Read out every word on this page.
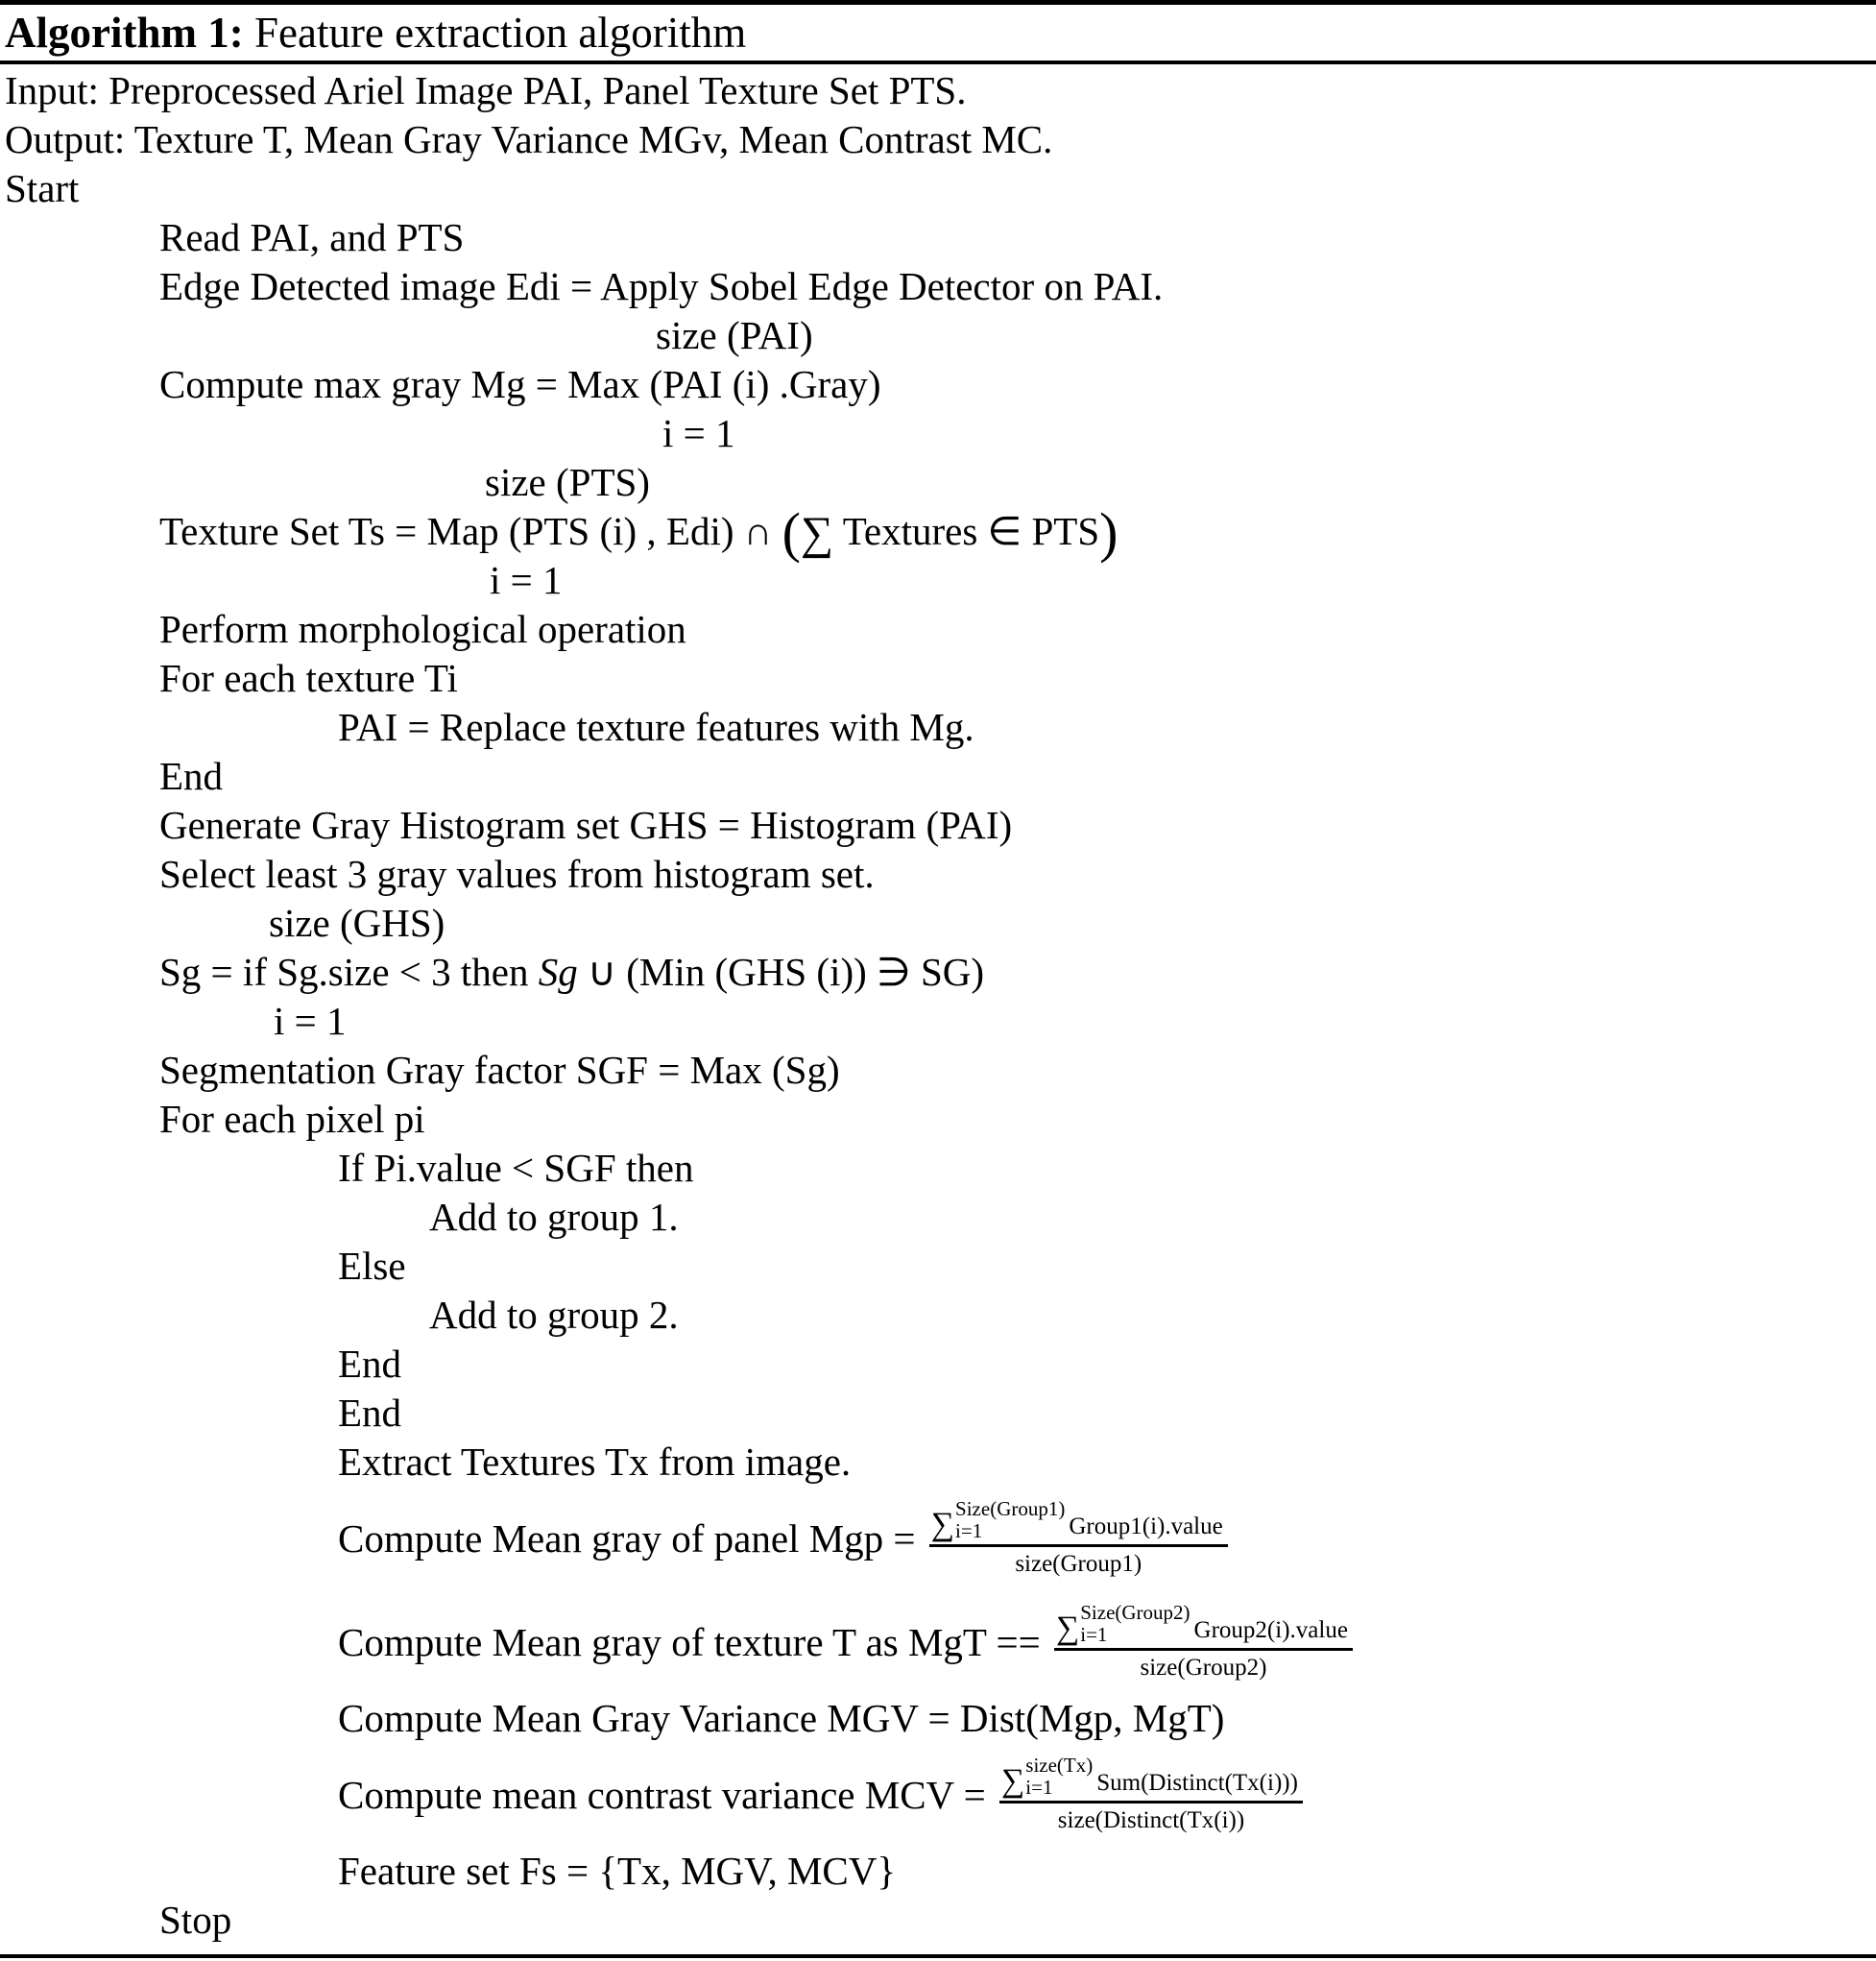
Algorithm 1: Feature extraction algorithm
Input: Preprocessed Ariel Image PAI, Panel Texture Set PTS.
Output: Texture T, Mean Gray Variance MGv, Mean Contrast MC.
Start
Read PAI, and PTS
Edge Detected image Edi = Apply Sobel Edge Detector on PAI.
size (PAI)
Compute max gray Mg = Max (PAI (i) .Gray)
i = 1
size (PTS)
Texture Set Ts = Map (PTS (i) , Edi) ∩ (∑ Textures ∈ PTS)
i = 1
Perform morphological operation
For each texture Ti
PAI = Replace texture features with Mg.
End
Generate Gray Histogram set GHS = Histogram (PAI)
Select least 3 gray values from histogram set.
size (GHS)
Sg = if Sg.size < 3 then Sg ∪ (Min (GHS (i)) ∋ SG)
i = 1
Segmentation Gray factor SGF = Max (Sg)
For each pixel pi
If Pi.value < SGF then
Add to group 1.
Else
Add to group 2.
End
End
Extract Textures Tx from image.
Compute Mean gray of panel Mgp = ∑ Size(Group1)
i=1	Group1(i).value
size(Group1)
Compute Mean gray of texture T as MgT == ∑ Size(Group2)
i=1	Group2(i).value
size(Group2)
Compute Mean Gray Variance MGV = Dist(Mgp, MgT)
Compute mean contrast variance MCV = ∑ size(Tx)
i=1 Sum(Distinct(Tx(i)))
size(Distinct(Tx(i))
Feature set Fs = {Tx, MGV, MCV}
Stop
